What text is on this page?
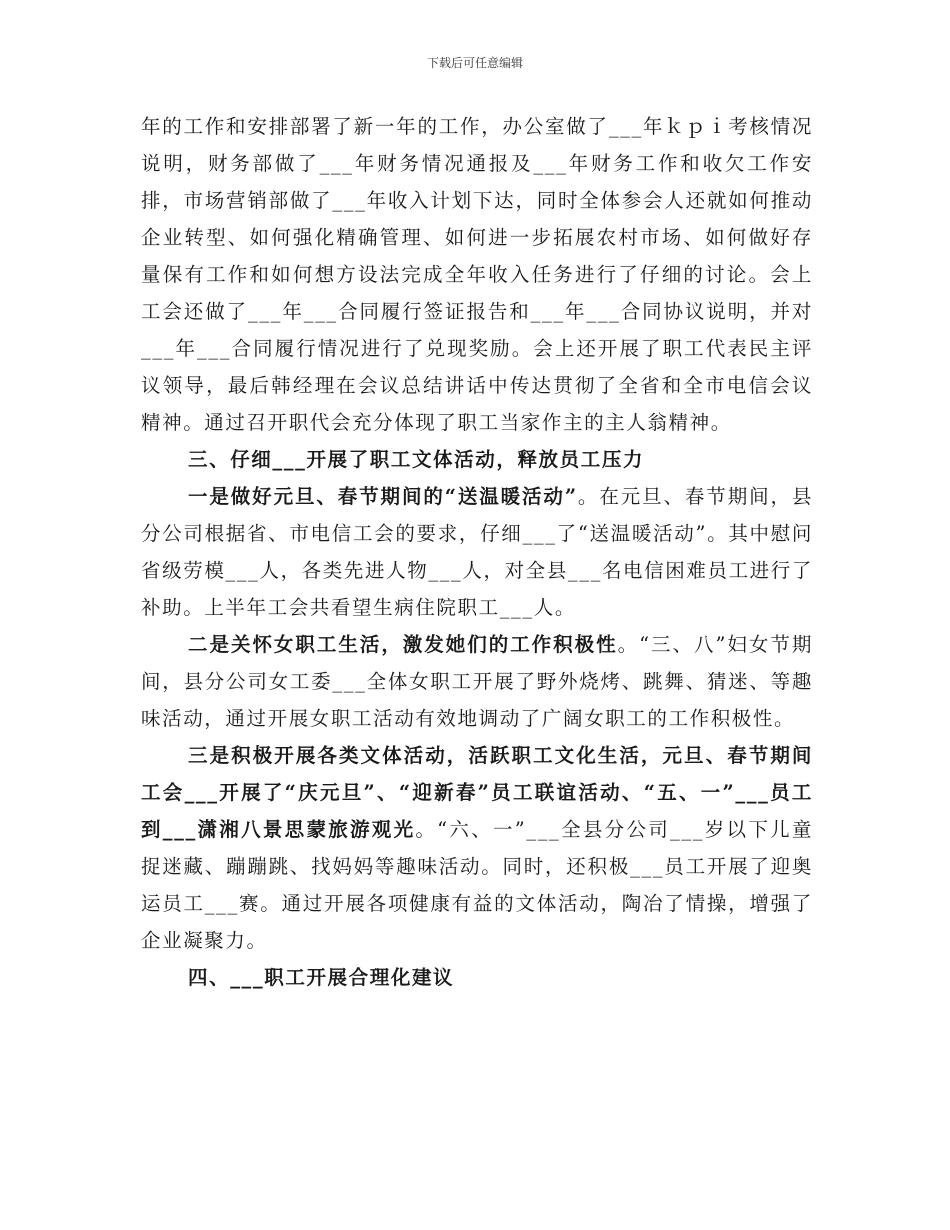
下载后可任意编辑

年的工作和安排部署了新一年的工作，办公室做了___年ｋｐｉ考核情况说明，财务部做了___年财务情况通报及___年财务工作和收欠工作安排，市场营销部做了___年收入计划下达，同时全体参会人还就如何推动企业转型、如何强化精确管理、如何进一步拓展农村市场、如何做好存量保有工作和如何想方设法完成全年收入任务进行了仔细的讨论。会上工会还做了___年___合同履行签证报告和___年___合同协议说明，并对___年___合同履行情况进行了兑现奖励。会上还开展了职工代表民主评议领导，最后韩经理在会议总结讲话中传达贯彻了全省和全市电信会议精神。通过召开职代会充分体现了职工当家作主的主人翁精神。

三、仔细___开展了职工文体活动，释放员工压力

一是做好元旦、春节期间的“送温暖活动”。在元旦、春节期间，县分公司根据省、市电信工会的要求，仔细___了“送温暖活动”。其中慰问省级劳模___人，各类先进人物___人，对全县___名电信困难员工进行了补助。上半年工会共看望生病住院职工___人。

二是关怀女职工生活，激发她们的工作积极性。“三、八”妇女节期间，县分公司女工委___全体女职工开展了野外烧烤、跳舞、猜迷、等趣味活动，通过开展女职工活动有效地调动了广阔女职工的工作积极性。

三是积极开展各类文体活动，活跃职工文化生活，元旦、春节期间工会___开展了“庆元旦”、“迎新春”员工联谊活动、“五、一”___员工到___潇湘八景思蒙旅游观光。“六、一”___全县分公司___岁以下儿童捉迷藏、蹦蹦跳、找妈妈等趣味活动。同时，还积极___员工开展了迎奥运员工___赛。通过开展各项健康有益的文体活动，陶冶了情操，增强了企业凝聚力。

四、___职工开展合理化建议
